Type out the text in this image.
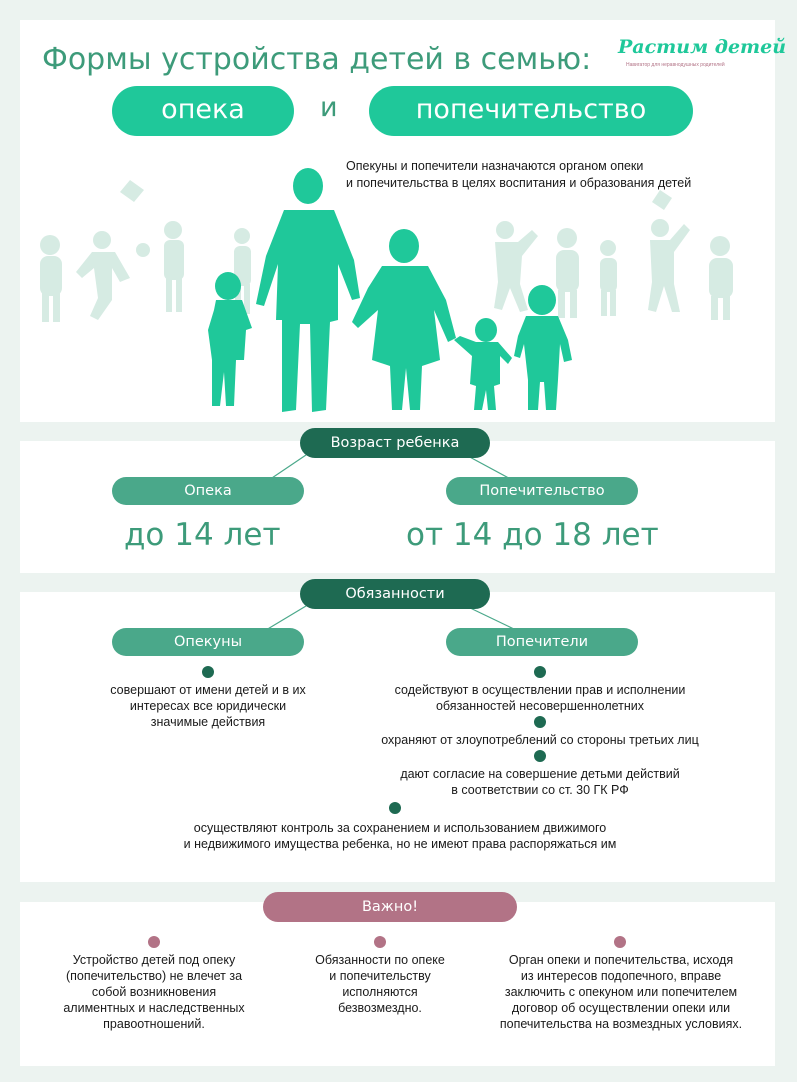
Формы устройства детей в семью: Растим детей
Навигатор для неравнодушных родителей
опека	и	попечительство
Опекуны и попечители назначаются органом опеки
и попечительства в целях воспитания и образования детей
Возраст ребенка
Опека	Попечительство
до 14 лет	от 14 до 18 лет
Обязанности
Опекуны	Попечители
совершают от имени детей и в их
интересах все юридически
значимые действия
содействуют в осуществлении прав и исполнении
обязанностей несовершеннолетних
охраняют от злоупотреблений со стороны третьих лиц
дают согласие на совершение детьми действий
в соответствии со ст. 30 ГК РФ
осуществляют контроль за сохранением и использованием движимого
и недвижимого имущества ребенка, но не имеют права распоряжаться им
Важно!
Устройство детей под опеку
(попечительство) не влечет за
собой возникновения
алиментных и наследственных
правоотношений.
Обязанности по опеке
и попечительству
исполняются
безвозмездно.
Орган опеки и попечительства, исходя
из интересов подопечного, вправе
заключить с опекуном или попечителем
договор об осуществлении опеки или
попечительства на возмездных условиях.
